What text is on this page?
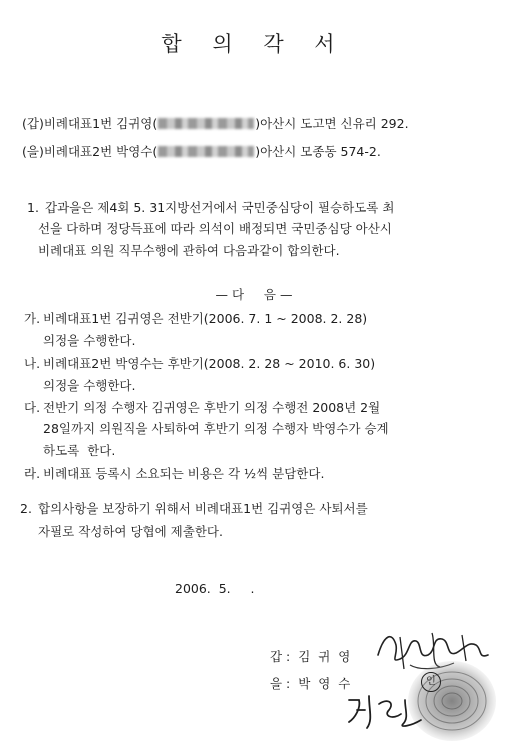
합 의 각 서
(갑)비례대표1번 김귀영(	)아산시 도고면 신유리 292.
(을)비례대표2번 박영수(	)아산시 모종동 574-2.
1. 갑과을은 제4회 5. 31지방선거에서 국민중심당이 필승하도록 최
선을 다하며 정당득표에 따라 의석이 배정되면 국민중심당 아산시
비례대표 의원 직무수행에 관하여 다음과같이 합의한다.
— 다     음 —
가. 비례대표1번 김귀영은 전반기(2006. 7. 1 ~ 2008. 2. 28)
의정을 수행한다.
나. 비례대표2번 박영수는 후반기(2008. 2. 28 ~ 2010. 6. 30)
의정을 수행한다.
다. 전반기 의정 수행자 김귀영은 후반기 의정 수행전 2008년 2월
28일까지 의원직을 사퇴하여 후반기 의정 수행자 박영수가 승계
하도록  한다.
라. 비례대표 등록시 소요되는 비용은 각 ½씩 분담한다.
2. 합의사항을 보장하기 위해서 비례대표1번 김귀영은 사퇴서를
자필로 작성하여 당협에 제출한다.
2006.  5.     .
갑 :  김  귀  영
을 :  박  영  수	인
